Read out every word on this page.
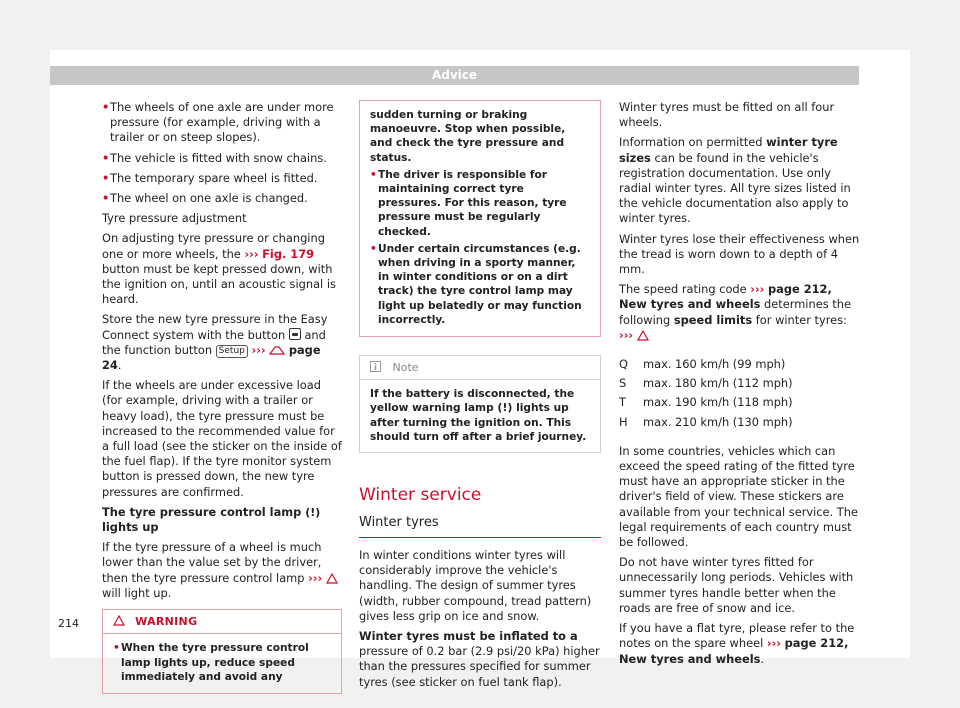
Advice
• The wheels of one axle are under more pressure (for example, driving with a trailer or on steep slopes).
• The vehicle is fitted with snow chains.
• The temporary spare wheel is fitted.
• The wheel on one axle is changed.

Tyre pressure adjustment

On adjusting tyre pressure or changing one or more wheels, the ››› Fig. 179 button must be kept pressed down, with the ignition on, until an acoustic signal is heard.

Store the new tyre pressure in the Easy Connect system with the button and the function button Setup ››› page 24.

If the wheels are under excessive load (for example, driving with a trailer or heavy load), the tyre pressure must be increased to the recommended value for a full load (see the sticker on the inside of the fuel flap). If the tyre monitor system button is pressed down, the new tyre pressures are confirmed.

The tyre pressure control lamp (!) lights up

If the tyre pressure of a wheel is much lower than the value set by the driver, then the tyre pressure control lamp ›››  will light up.

WARNING
• When the tyre pressure control lamp lights up, reduce speed immediately and avoid any

sudden turning or braking manoeuvre. Stop when possible, and check the tyre pressure and status.

• The driver is responsible for maintaining correct tyre pressures. For this reason, tyre pressure must be regularly checked.
• Under certain circumstances (e.g. when driving in a sporty manner, in winter conditions or on a dirt track) the tyre control lamp may light up belatedly or may function incorrectly.
Note
If the battery is disconnected, the yellow warning lamp (!) lights up after turning the ignition on. This should turn off after a brief journey.
Winter service
Winter tyres

In winter conditions winter tyres will considerably improve the vehicle's handling. The design of summer tyres (width, rubber compound, tread pattern) gives less grip on ice and snow.

Winter tyres must be inflated to a pressure of 0.2 bar (2.9 psi/20 kPa) higher than the pressures specified for summer tyres (see sticker on fuel tank flap).

Winter tyres must be fitted on all four wheels.

Information on permitted winter tyre sizes can be found in the vehicle's registration documentation. Use only radial winter tyres. All tyre sizes listed in the vehicle documentation also apply to winter tyres.

Winter tyres lose their effectiveness when the tread is worn down to a depth of 4 mm.

The speed rating code ››› page 212, New tyres and wheels determines the following speed limits for winter tyres: ›››

Q	max. 160 km/h (99 mph)
S	max. 180 km/h (112 mph)
T	max. 190 km/h (118 mph)
H	max. 210 km/h (130 mph)

In some countries, vehicles which can exceed the speed rating of the fitted tyre must have an appropriate sticker in the driver's field of view. These stickers are available from your technical service. The legal requirements of each country must be followed.

Do not have winter tyres fitted for unnecessarily long periods. Vehicles with summer tyres handle better when the roads are free of snow and ice.

If you have a flat tyre, please refer to the notes on the spare wheel ››› page 212, New tyres and wheels.

214
